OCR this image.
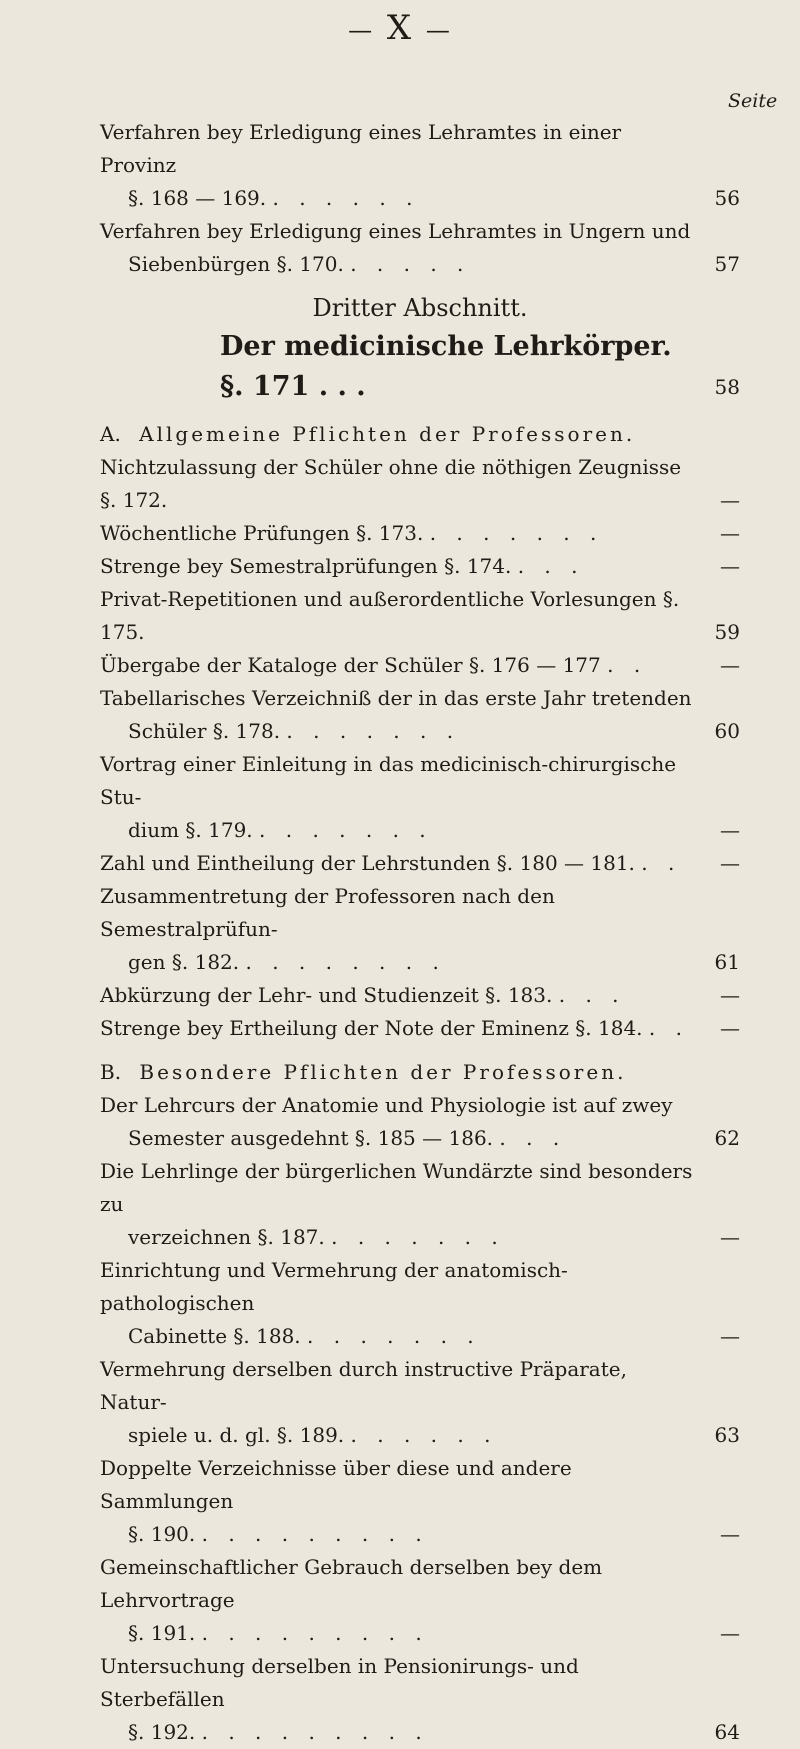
— X —
Seite
Verfahren bey Erledigung eines Lehramtes in einer Provinz
§. 168 — 169. . . . . . .	56
Verfahren bey Erledigung eines Lehramtes in Ungern und
Siebenbürgen §. 170. . . . . .	57
Dritter Abschnitt.
Der medicinische Lehrkörper. §. 171 . . .	58
A. Allgemeine Pflichten der Professoren.
Nichtzulassung der Schüler ohne die nöthigen Zeugnisse §. 172.	—
Wöchentliche Prüfungen §. 173. . . . . . . .	—
Strenge bey Semestralprüfungen §. 174. . . .	—
Privat-Repetitionen und außerordentliche Vorlesungen §. 175.	59
Übergabe der Kataloge der Schüler §. 176 — 177 . .	—
Tabellarisches Verzeichniß der in das erste Jahr tretenden
Schüler §. 178. . . . . . . .	60
Vortrag einer Einleitung in das medicinisch-chirurgische Stu-
dium §. 179. . . . . . . .	—
Zahl und Eintheilung der Lehrstunden §. 180 — 181. . .	—
Zusammentretung der Professoren nach den Semestralprüfun-
gen §. 182. . . . . . . . .	61
Abkürzung der Lehr- und Studienzeit §. 183. . . .	—
Strenge bey Ertheilung der Note der Eminenz §. 184. . .	—
B. Besondere Pflichten der Professoren.
Der Lehrcurs der Anatomie und Physiologie ist auf zwey
Semester ausgedehnt §. 185 — 186. . . .	62
Die Lehrlinge der bürgerlichen Wundärzte sind besonders zu
verzeichnen §. 187. . . . . . . .	—
Einrichtung und Vermehrung der anatomisch-pathologischen
Cabinette §. 188. . . . . . . .	—
Vermehrung derselben durch instructive Präparate, Natur-
spiele u. d. gl. §. 189. . . . . . .	63
Doppelte Verzeichnisse über diese und andere Sammlungen
§. 190. . . . . . . . . .	—
Gemeinschaftlicher Gebrauch derselben bey dem Lehrvortrage
§. 191. . . . . . . . . .	—
Untersuchung derselben in Pensionirungs- und Sterbefällen
§. 192. . . . . . . . . .	64
